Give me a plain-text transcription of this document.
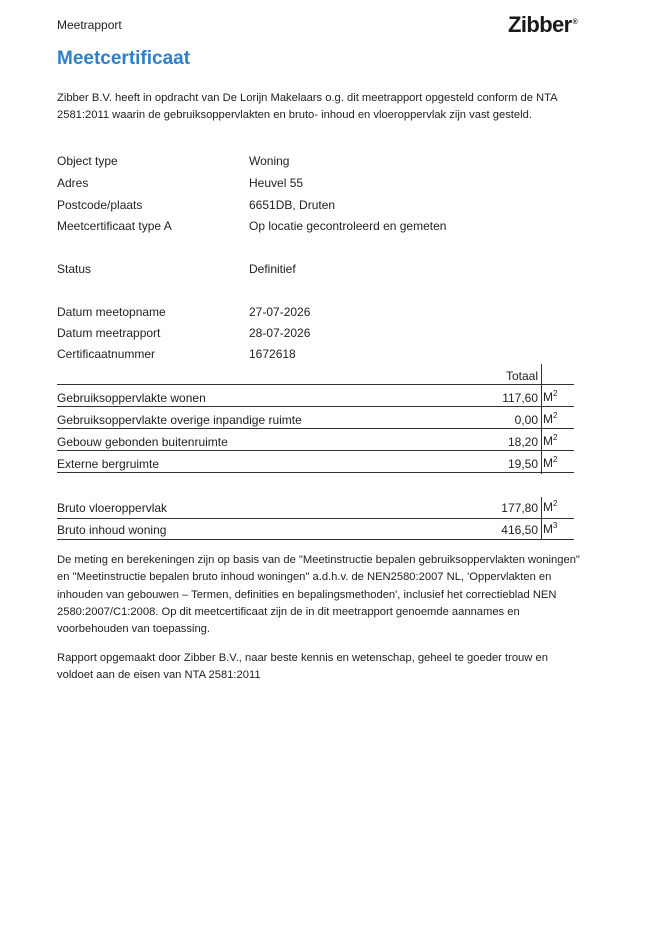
Meetrapport	Zibber®
Meetcertificaat
Zibber B.V. heeft in opdracht van De Lorijn Makelaars o.g. dit meetrapport opgesteld conform de NTA 2581:2011 waarin de gebruiksoppervlakten en bruto- inhoud en vloeroppervlak zijn vast gesteld.
Object type	Woning
Adres	Heuvel 55
Postcode/plaats	6651DB, Druten
Meetcertificaat type A	Op locatie gecontroleerd en gemeten
Status	Definitief
Datum meetopname	27-07-2026
Datum meetrapport	28-07-2026
Certificaatnummer	1672618
Totaal
Gebruiksoppervlakte wonen	117,60 $M^2$
Gebruiksoppervlakte overige inpandige ruimte	0,00 $M^2$
Gebouw gebonden buitenruimte	18,20 $M^2$
Externe bergruimte	19,50 $M^2$
Bruto vloeroppervlak	177,80 $M^2$
Bruto inhoud woning	416,50 $M^3$
De meting en berekeningen zijn op basis van de "Meetinstructie bepalen gebruiksoppervlakten woningen" en "Meetinstructie bepalen bruto inhoud woningen" a.d.h.v. de NEN2580:2007 NL, 'Oppervlakten en inhouden van gebouwen – Termen, definities en bepalingsmethoden', inclusief het correctieblad NEN 2580:2007/C1:2008. Op dit meetcertificaat zijn de in dit meetrapport genoemde aannames en voorbehouden van toepassing.
Rapport opgemaakt door Zibber B.V., naar beste kennis en wetenschap, geheel te goeder trouw en voldoet aan de eisen van NTA 2581:2011
